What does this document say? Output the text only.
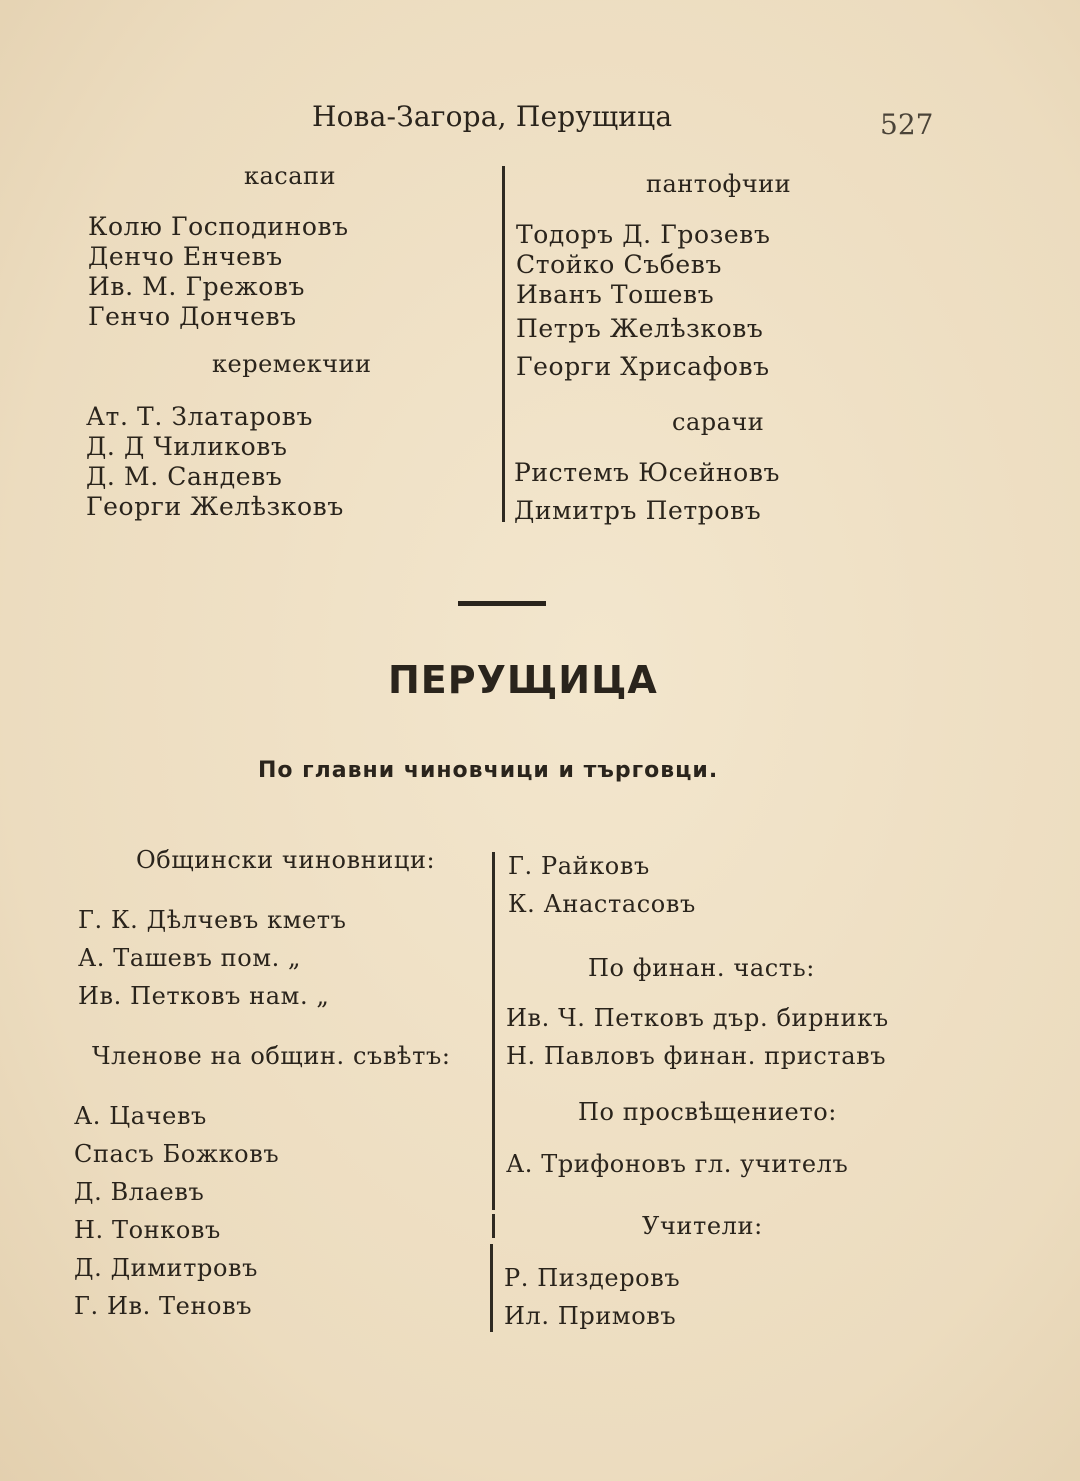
Нова-Загора, Перущица	527
касапи
Колю Господиновъ
Денчо Енчевъ
Ив. М. Грежовъ
Генчо Дончевъ
керемекчии
Ат. Т. Златаровъ
Д. Д Чиликовъ
Д. М. Сандевъ
Георги Желѣзковъ
пантофчии
Тодоръ Д. Грозевъ
Стойко Събевъ
Иванъ Тошевъ
Петръ Желѣзковъ
Георги Хрисафовъ
сарачи
Ристемъ Юсейновъ
Димитръ Петровъ
ПЕРУЩИЦА
По главни чиновчици и търговци.
Общински чиновници:
Г. К. Дѣлчевъ кметъ
А. Ташевъ пом. „
Ив. Петковъ нам. „
Членове на общин. съвѣтъ:
А. Цачевъ
Спасъ Божковъ
Д. Влаевъ
Н. Тонковъ
Д. Димитровъ
Г. Ив. Теновъ
Г. Райковъ
К. Анастасовъ
По финан. часть:
Ив. Ч. Петковъ дър. бирникъ
Н. Павловъ финан. приставъ
По просвѣщението:
А. Трифоновъ гл. учителъ
Учители:
Р. Пиздеровъ
Ил. Примовъ
